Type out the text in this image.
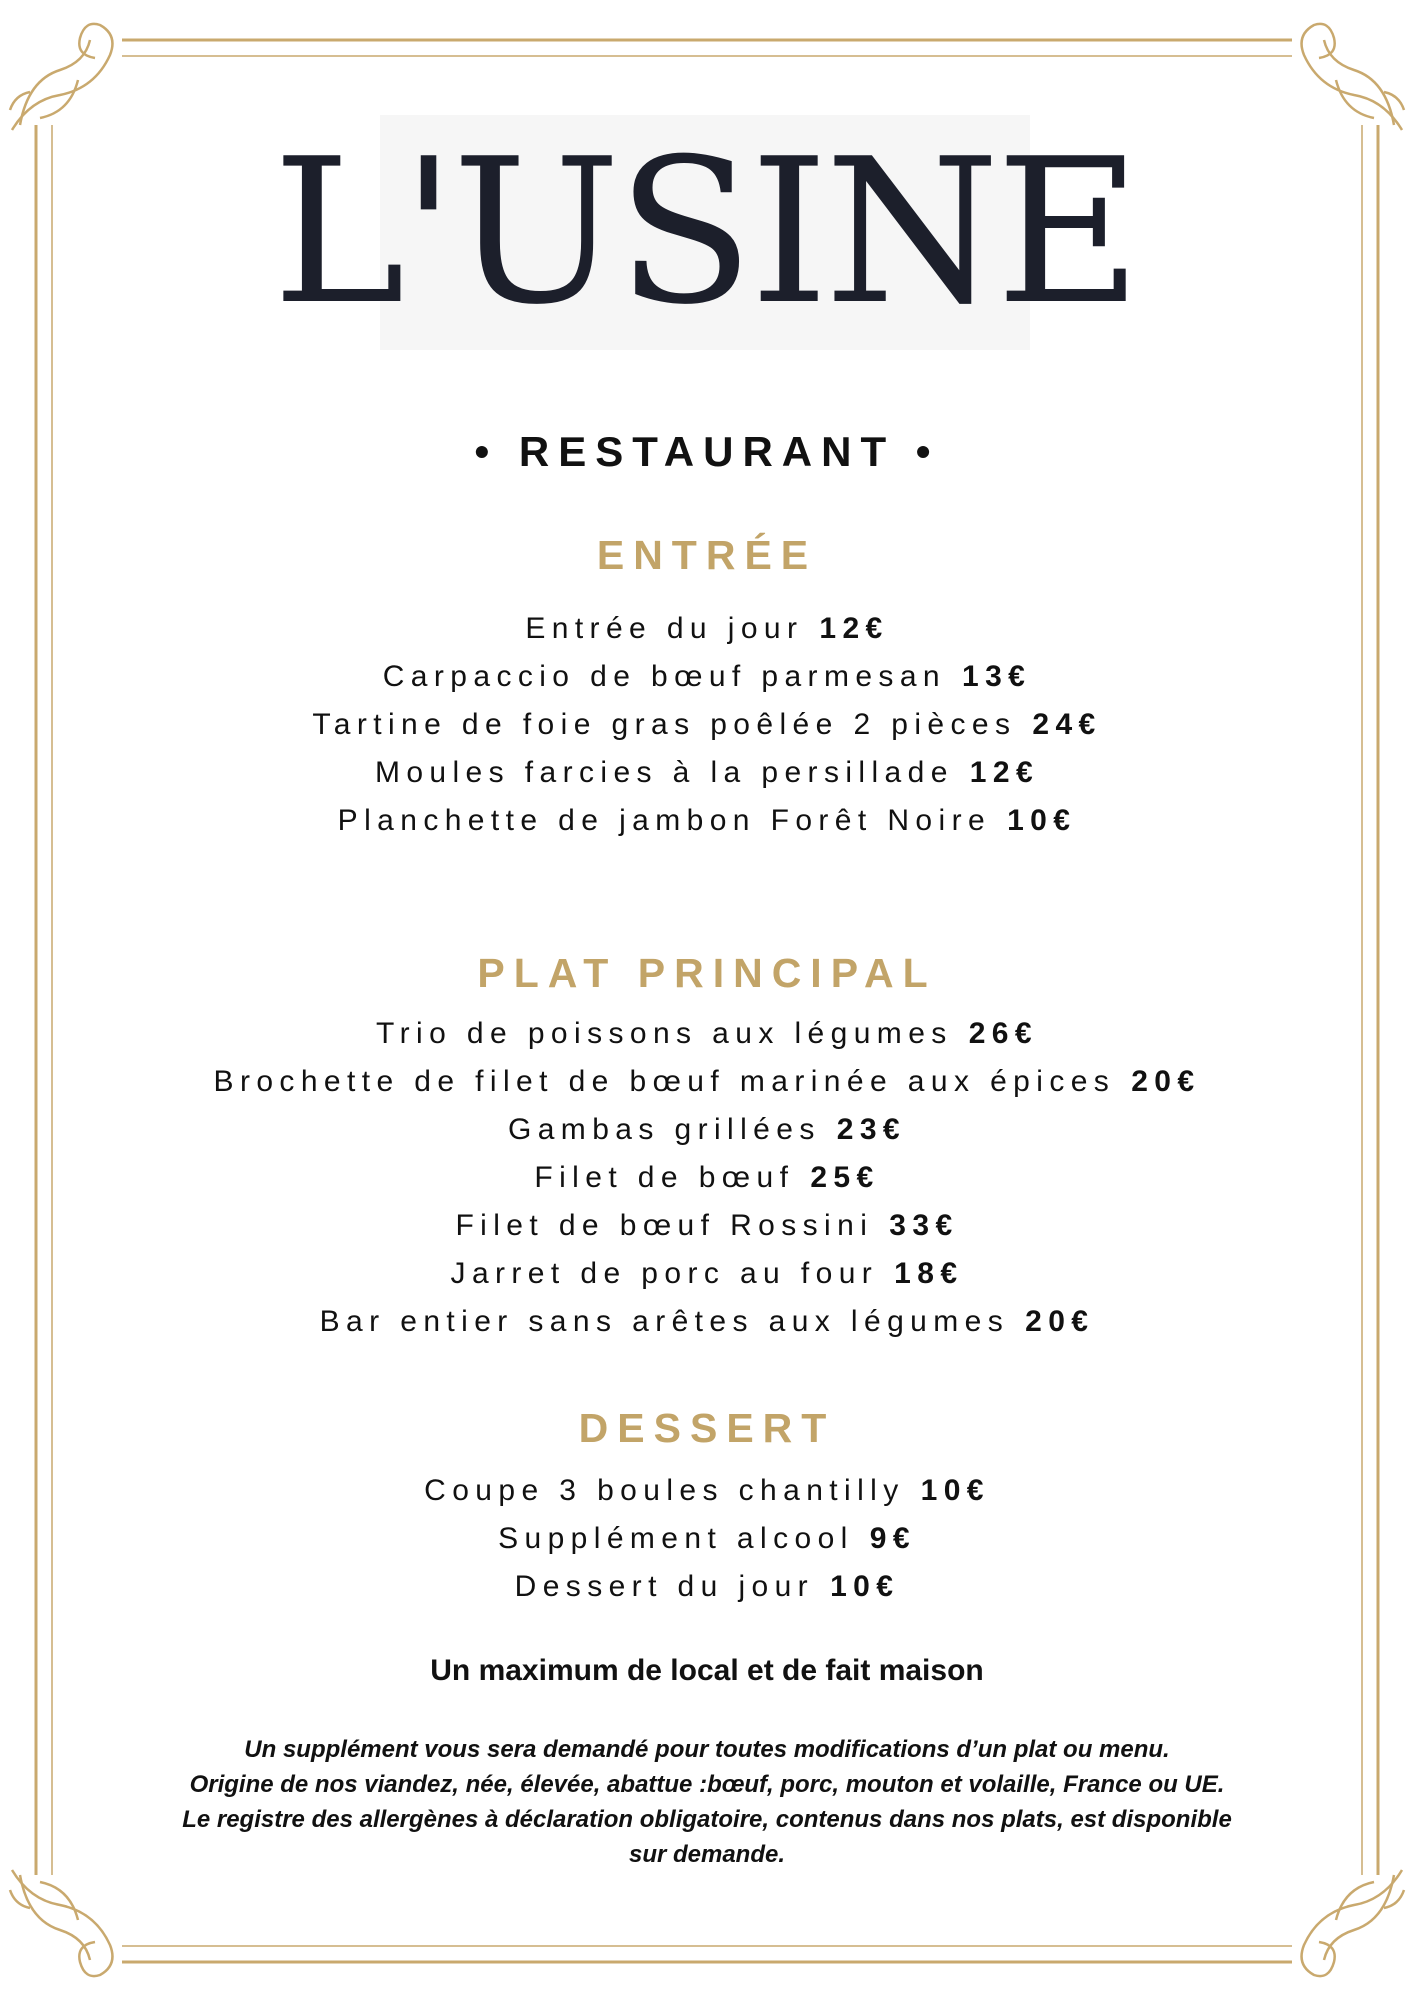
L'USINE
• RESTAURANT •
ENTRÉE
Entrée du jour 12€
Carpaccio de bœuf parmesan 13€
Tartine de foie gras poêlée 2 pièces 24€
Moules farcies à la persillade 12€
Planchette de jambon Forêt Noire 10€
PLAT PRINCIPAL
Trio de poissons aux légumes 26€
Brochette de filet de bœuf marinée aux épices 20€
Gambas grillées 23€
Filet de bœuf 25€
Filet de bœuf Rossini 33€
Jarret de porc au four 18€
Bar entier sans arêtes aux légumes 20€
DESSERT
Coupe 3 boules chantilly 10€
Supplément alcool 9€
Dessert du jour 10€
Un maximum de local et de fait maison
Un supplément vous sera demandé pour toutes modifications d’un plat ou menu.
Origine de nos viandez, née, élevée, abattue :bœuf, porc, mouton et volaille, France ou UE.
Le registre des allergènes à déclaration obligatoire, contenus dans nos plats, est disponible
sur demande.
